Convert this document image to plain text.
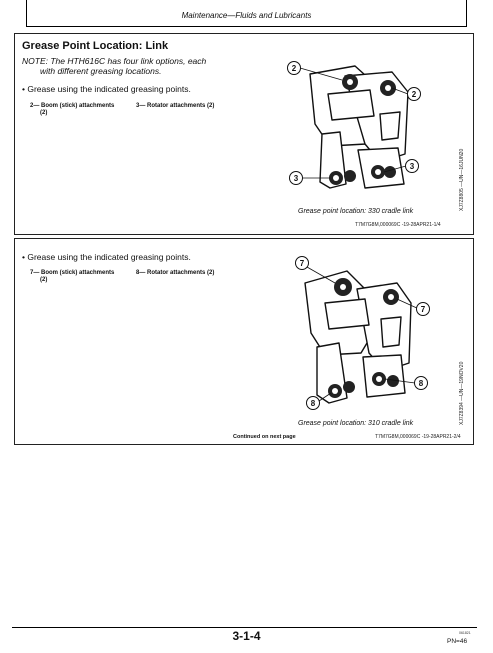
Maintenance—Fluids and Lubricants
Grease Point Location: Link
NOTE: The HTH616C has four link options, each
with different greasing locations.
• Grease using the indicated greasing points.
2— Boom (stick) attachments
(2)
3— Rotator attachments (2)
2
2
3
3	XJ7Z8805 —UN—16JUN20
Grease point location: 330 cradle link
T7M7G8M,000069C -19-28APR21-1/4
• Grease using the indicated greasing points.
7— Boom (stick) attachments
(2)
8— Rotator attachments (2)
7
7
8
8	XJ7Z8394 —UN—19NOV20
Grease point location: 310 cradle link
Continued on next page	T7M7G8M,000069C -19-28APR21-2/4
3-1-4	061821
PN=46
